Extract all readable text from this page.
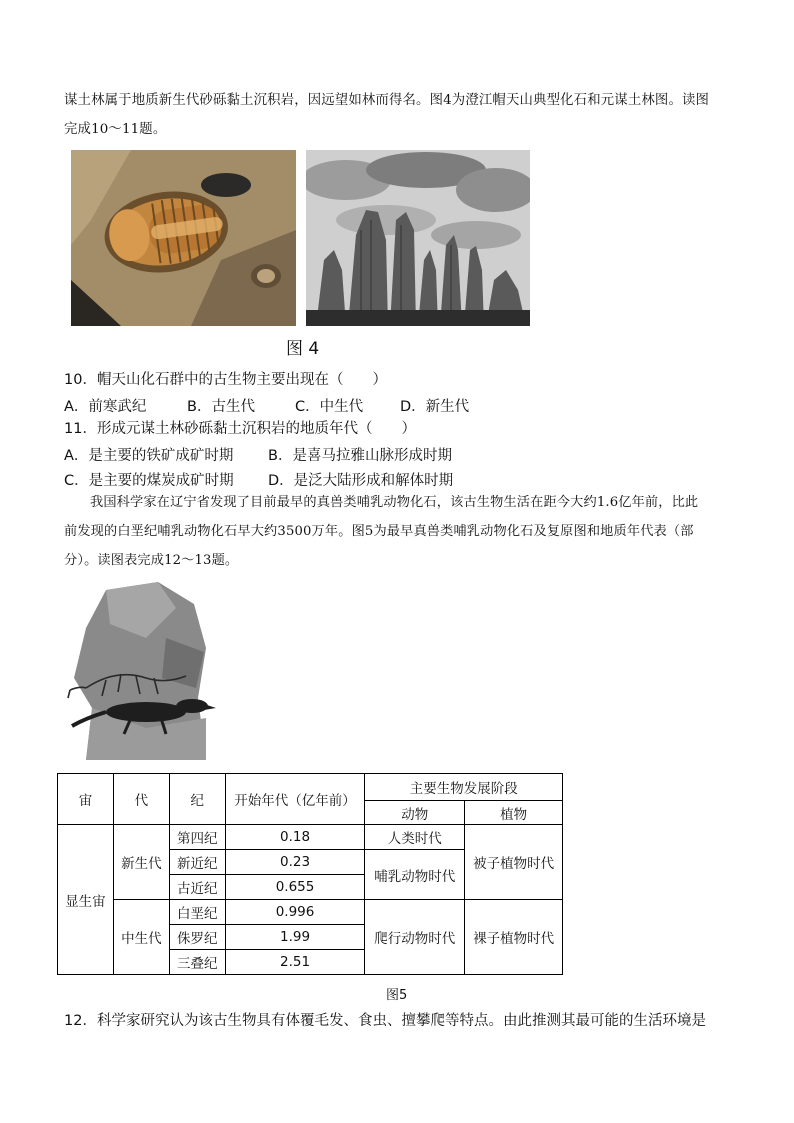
谋土林属于地质新生代砂砾黏土沉积岩，因远望如林而得名。图4为澄江帽天山典型化石和元谋土林图。读图
完成10～11题。
图 4
10．帽天山化石群中的古生物主要出现在（　　）
A．前寒武纪	B．古生代	C．中生代	D．新生代
11．形成元谋土林砂砾黏土沉积岩的地质年代（　　）
A．是主要的铁矿成矿时期 B．是喜马拉雅山脉形成时期
C．是主要的煤炭成矿时期 D．是泛大陆形成和解体时期
我国科学家在辽宁省发现了目前最早的真兽类哺乳动物化石，该古生物生活在距今大约1.6亿年前，比此
前发现的白垩纪哺乳动物化石早大约3500万年。图5为最早真兽类哺乳动物化石及复原图和地质年代表（部
分）。读图表完成12～13题。
宙	代	纪	开始年代（亿年前）	主要生物发展阶段	
				动物	植物
显生宙	新生代	第四纪	0.18	人类时代	被子植物时代
		新近纪	0.23	哺乳动物时代	
		古近纪	0.655		
	中生代	白垩纪	0.996	爬行动物时代	裸子植物时代
		侏罗纪	1.99		
		三叠纪	2.51		
图5
12．科学家研究认为该古生物具有体覆毛发、食虫、擅攀爬等特点。由此推测其最可能的生活环境是
